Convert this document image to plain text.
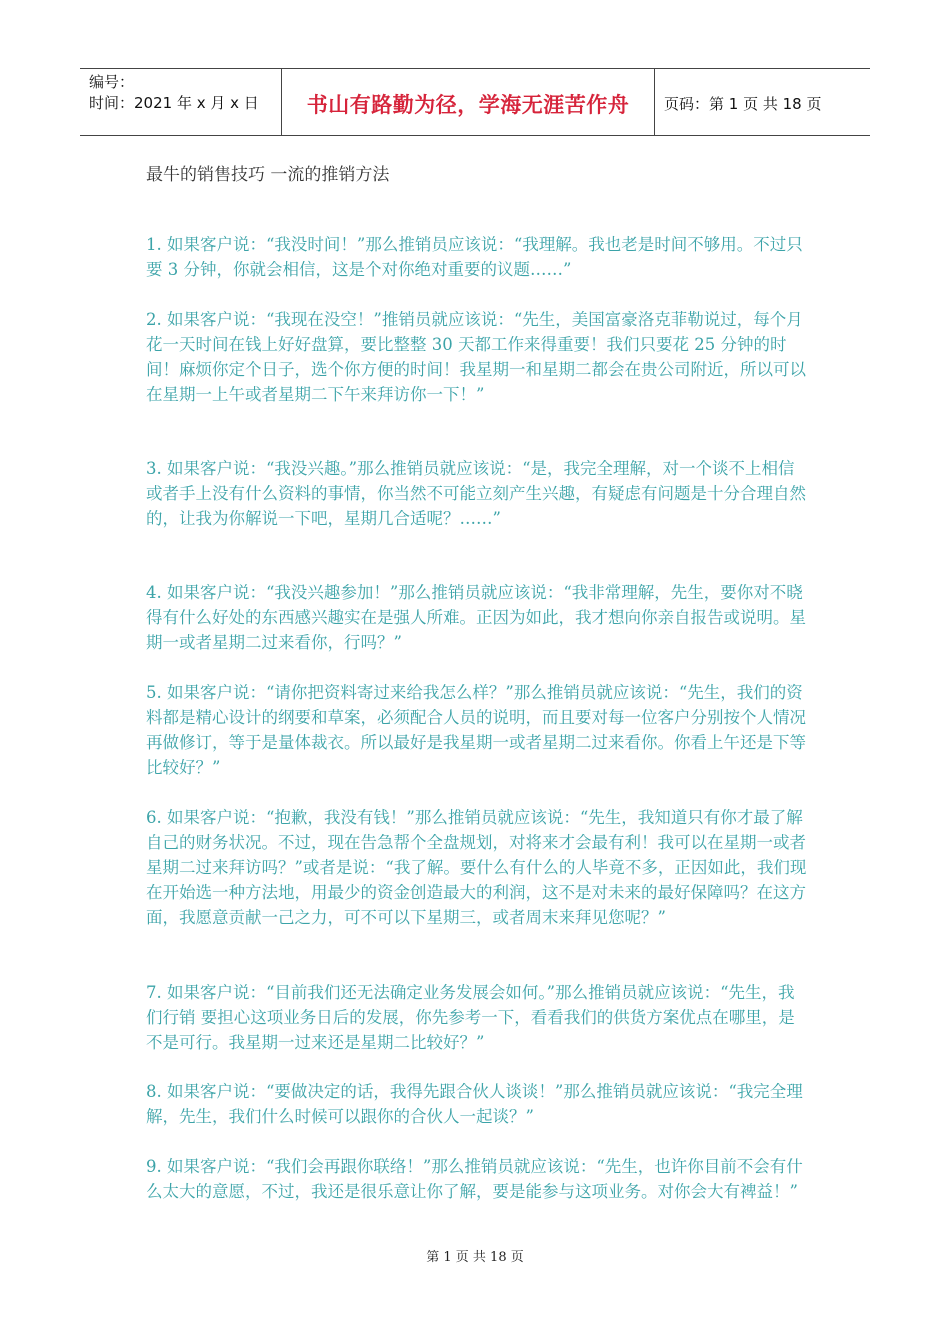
编号：
时间：2021 年 x 月 x 日	书山有路勤为径，学海无涯苦作舟	页码：第 1 页 共 18 页
最牛的销售技巧 一流的推销方法

1. 如果客户说：“我没时间！”那么推销员应该说：“我理解。我也老是时间不够用。不过只要 3 分钟，你就会相信，这是个对你绝对重要的议题……”

2. 如果客户说：“我现在没空！”推销员就应该说：“先生，美国富豪洛克菲勒说过，每个月花一天时间在钱上好好盘算，要比整整 30 天都工作来得重要！我们只要花 25 分钟的时间！麻烦你定个日子，选个你方便的时间！我星期一和星期二都会在贵公司附近，所以可以在星期一上午或者星期二下午来拜访你一下！”

3. 如果客户说：“我没兴趣。”那么推销员就应该说：“是，我完全理解，对一个谈不上相信或者手上没有什么资料的事情，你当然不可能立刻产生兴趣，有疑虑有问题是十分合理自然的，让我为你解说一下吧，星期几合适呢？……”

4. 如果客户说：“我没兴趣参加！”那么推销员就应该说：“我非常理解，先生，要你对不晓得有什么好处的东西感兴趣实在是强人所难。正因为如此，我才想向你亲自报告或说明。星期一或者星期二过来看你，行吗？”

5. 如果客户说：“请你把资料寄过来给我怎么样？”那么推销员就应该说：“先生，我们的资料都是精心设计的纲要和草案，必须配合人员的说明，而且要对每一位客户分别按个人情况再做修订，等于是量体裁衣。所以最好是我星期一或者星期二过来看你。你看上午还是下等比较好？”

6. 如果客户说：“抱歉，我没有钱！”那么推销员就应该说：“先生，我知道只有你才最了解自己的财务状况。不过，现在告急帮个全盘规划，对将来才会最有利！我可以在星期一或者星期二过来拜访吗？”或者是说：“我了解。要什么有什么的人毕竟不多，正因如此，我们现在开始选一种方法地，用最少的资金创造最大的利润，这不是对未来的最好保障吗？在这方面，我愿意贡献一己之力，可不可以下星期三，或者周末来拜见您呢？”

7. 如果客户说：“目前我们还无法确定业务发展会如何。”那么推销员就应该说：“先生，我们行销 要担心这项业务日后的发展，你先参考一下，看看我们的供货方案优点在哪里，是不是可行。我星期一过来还是星期二比较好？”

8. 如果客户说：“要做决定的话，我得先跟合伙人谈谈！”那么推销员就应该说：“我完全理解，先生，我们什么时候可以跟你的合伙人一起谈？”

9. 如果客户说：“我们会再跟你联络！”那么推销员就应该说：“先生，也许你目前不会有什么太大的意愿，不过，我还是很乐意让你了解，要是能参与这项业务。对你会大有裨益！”

第 1 页 共 18 页
